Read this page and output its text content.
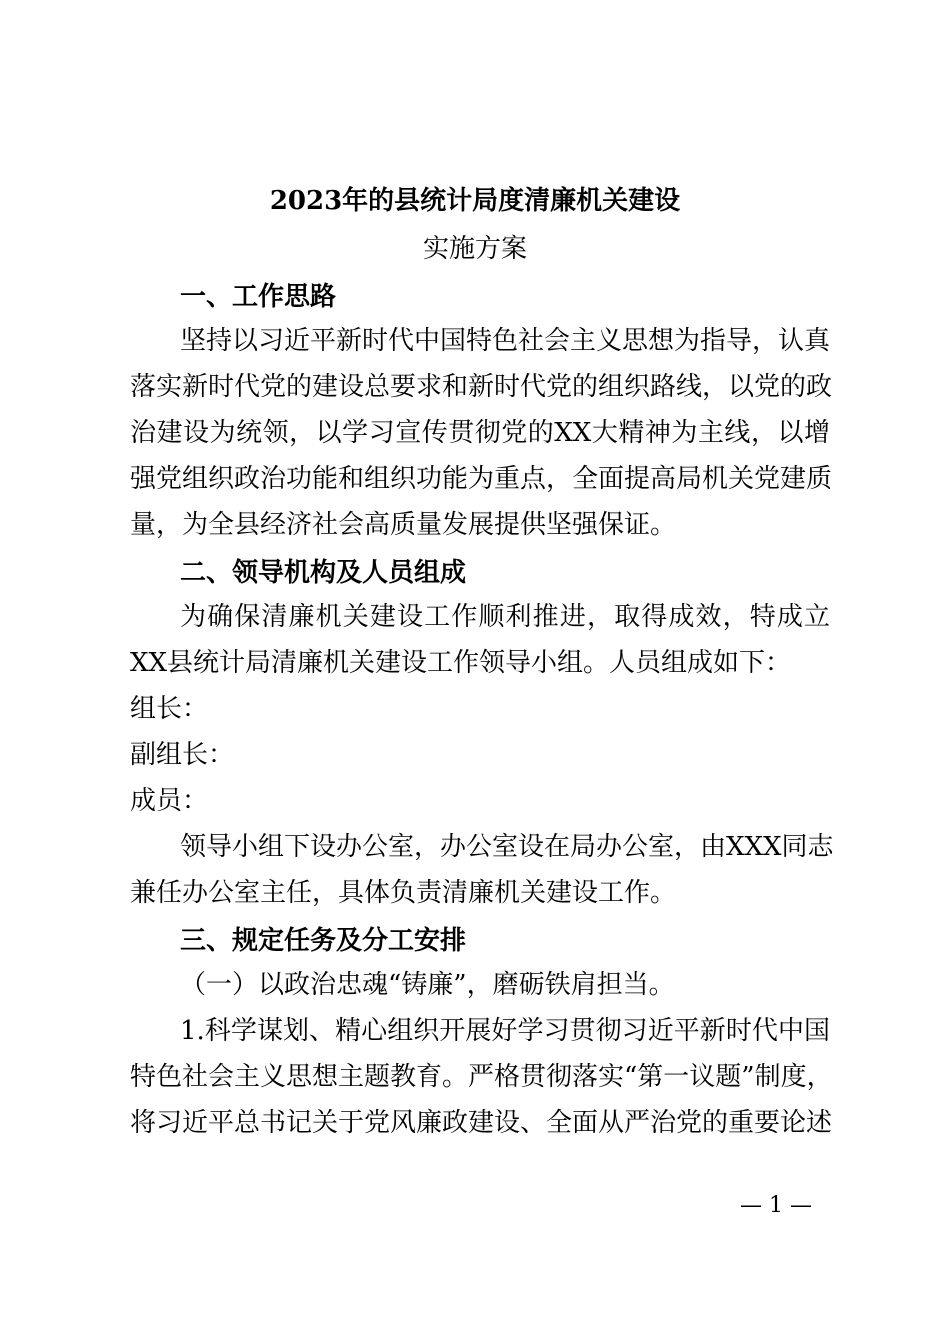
2023年的县统计局度清廉机关建设

实施方案

一、工作思路

坚持以习近平新时代中国特色社会主义思想为指导，认真

落实新时代党的建设总要求和新时代党的组织路线，以党的政

治建设为统领，以学习宣传贯彻党的XX大精神为主线，以增

强党组织政治功能和组织功能为重点，全面提高局机关党建质

量，为全县经济社会高质量发展提供坚强保证。

二、领导机构及人员组成

为确保清廉机关建设工作顺利推进，取得成效，特成立

XX县统计局清廉机关建设工作领导小组。人员组成如下：

组长：

副组长：

成员：

领导小组下设办公室，办公室设在局办公室，由XXX同志

兼任办公室主任，具体负责清廉机关建设工作。

三、规定任务及分工安排

（一）以政治忠魂“铸廉”，磨砺铁肩担当。

1.科学谋划、精心组织开展好学习贯彻习近平新时代中国

特色社会主义思想主题教育。严格贯彻落实“第一议题”制度，

将习近平总书记关于党风廉政建设、全面从严治党的重要论述

— 1 —
